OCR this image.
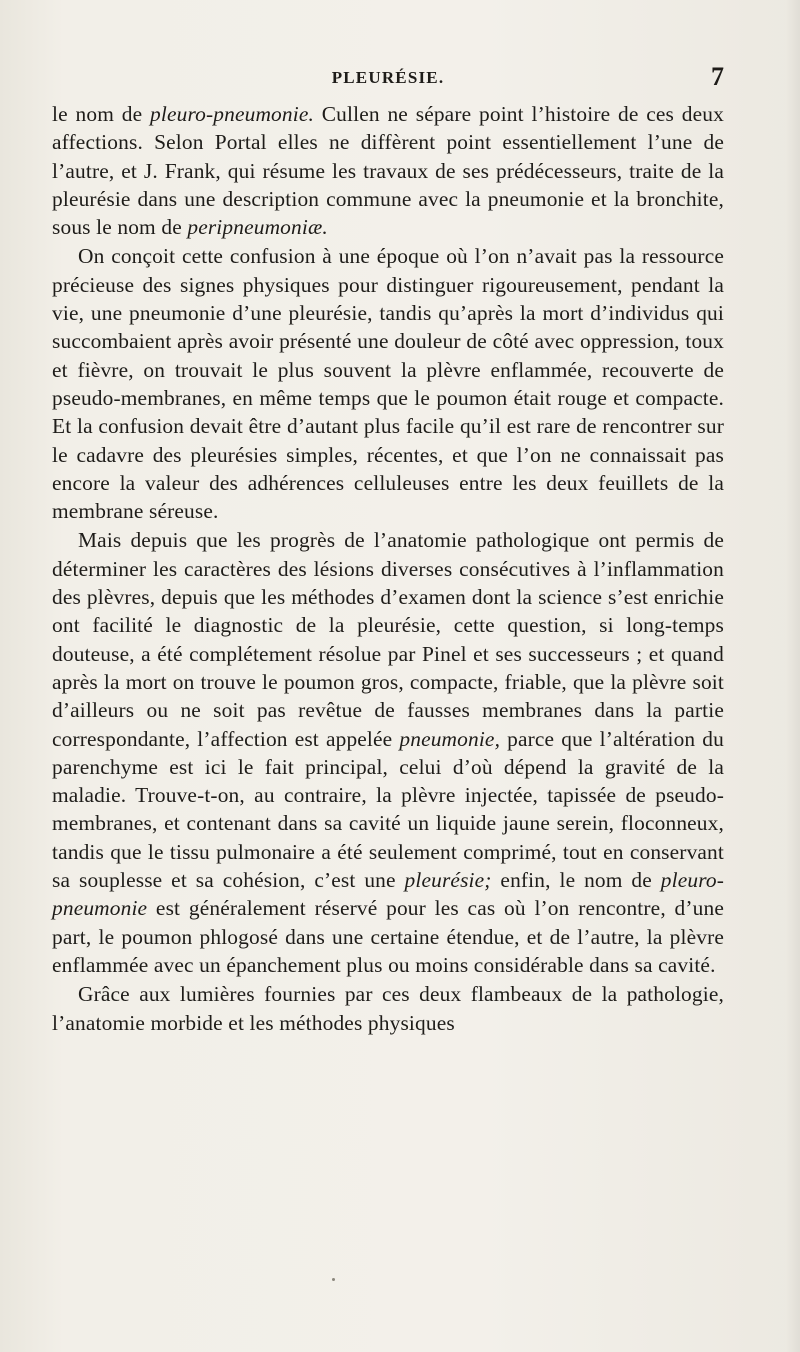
PLEURÉSIE.	7

le nom de pleuro-pneumonie. Cullen ne sépare point l’histoire de ces deux affections. Selon Portal elles ne diffèrent point essentiellement l’une de l’autre, et J. Frank, qui résume les travaux de ses prédécesseurs, traite de la pleurésie dans une description commune avec la pneumonie et la bronchite, sous le nom de peripneumoniæ.

On conçoit cette confusion à une époque où l’on n’avait pas la ressource précieuse des signes physiques pour distinguer rigoureusement, pendant la vie, une pneumonie d’une pleurésie, tandis qu’après la mort d’individus qui succombaient après avoir présenté une douleur de côté avec oppression, toux et fièvre, on trouvait le plus souvent la plèvre enflammée, recouverte de pseudo-membranes, en même temps que le poumon était rouge et compacte. Et la confusion devait être d’autant plus facile qu’il est rare de rencontrer sur le cadavre des pleurésies simples, récentes, et que l’on ne connaissait pas encore la valeur des adhérences celluleuses entre les deux feuillets de la membrane séreuse.

Mais depuis que les progrès de l’anatomie pathologique ont permis de déterminer les caractères des lésions diverses consécutives à l’inflammation des plèvres, depuis que les méthodes d’examen dont la science s’est enrichie ont facilité le diagnostic de la pleurésie, cette question, si long-temps douteuse, a été complétement résolue par Pinel et ses successeurs ; et quand après la mort on trouve le poumon gros, compacte, friable, que la plèvre soit d’ailleurs ou ne soit pas revêtue de fausses membranes dans la partie correspondante, l’affection est appelée pneumonie, parce que l’altération du parenchyme est ici le fait principal, celui d’où dépend la gravité de la maladie. Trouve-t-on, au contraire, la plèvre injectée, tapissée de pseudo-membranes, et contenant dans sa cavité un liquide jaune serein, floconneux, tandis que le tissu pulmonaire a été seulement comprimé, tout en conservant sa souplesse et sa cohésion, c’est une pleurésie; enfin, le nom de pleuro-pneumonie est généralement réservé pour les cas où l’on rencontre, d’une part, le poumon phlogosé dans une certaine étendue, et de l’autre, la plèvre enflammée avec un épanchement plus ou moins considérable dans sa cavité.

Grâce aux lumières fournies par ces deux flambeaux de la pathologie, l’anatomie morbide et les méthodes physiques
